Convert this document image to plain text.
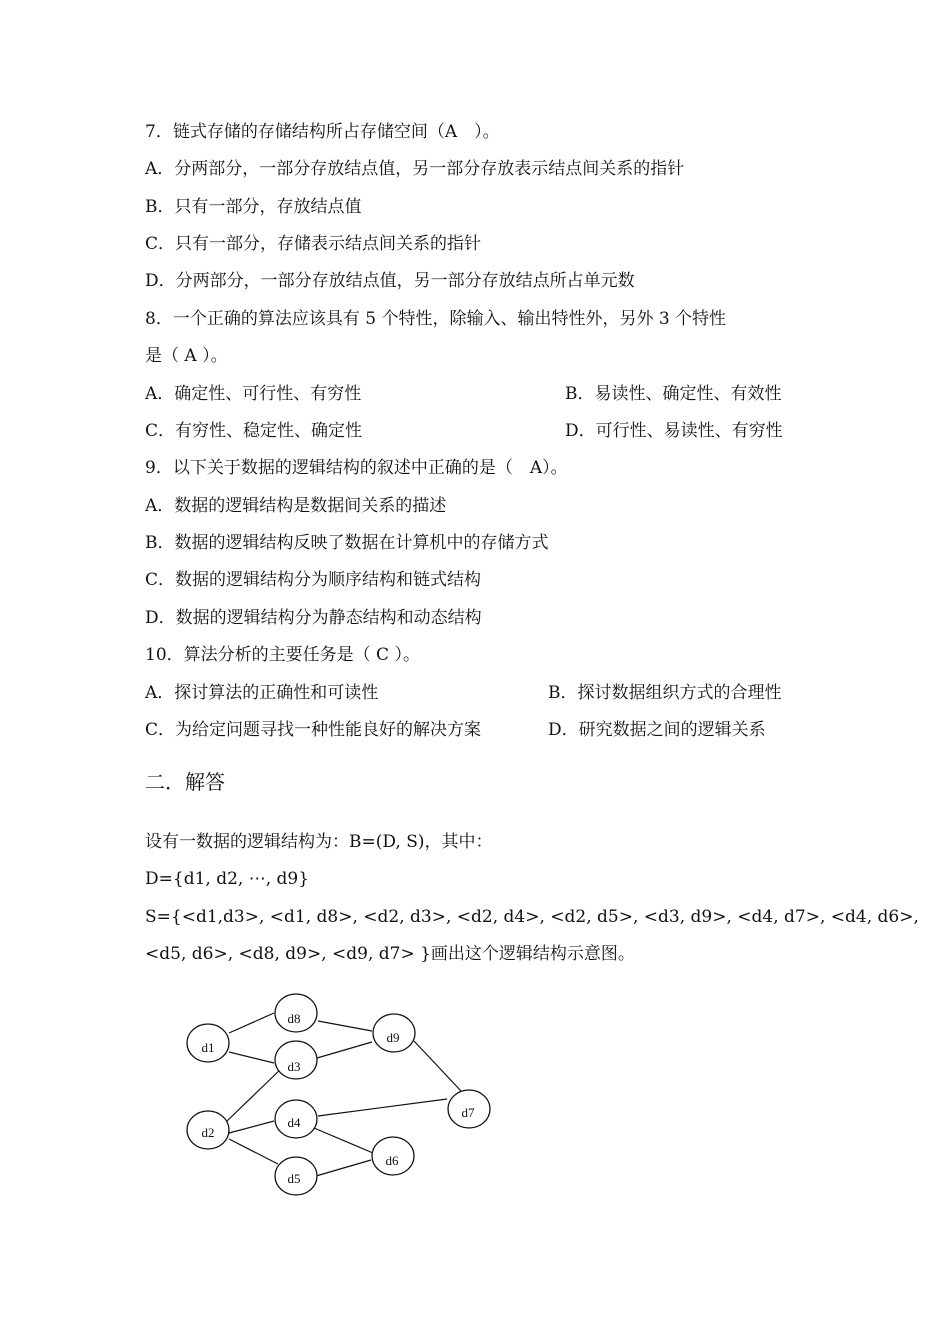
7．链式存储的存储结构所占存储空间（A　）。
A．分两部分，一部分存放结点值，另一部分存放表示结点间关系的指针
B．只有一部分，存放结点值
C．只有一部分，存储表示结点间关系的指针
D．分两部分，一部分存放结点值，另一部分存放结点所占单元数
8．一个正确的算法应该具有 5 个特性，除输入、输出特性外，另外 3 个特性
是（ A ）。
A．确定性、可行性、有穷性	B．易读性、确定性、有效性
C．有穷性、稳定性、确定性	D．可行性、易读性、有穷性
9．以下关于数据的逻辑结构的叙述中正确的是（　A）。
A．数据的逻辑结构是数据间关系的描述
B．数据的逻辑结构反映了数据在计算机中的存储方式
C．数据的逻辑结构分为顺序结构和链式结构
D．数据的逻辑结构分为静态结构和动态结构
10．算法分析的主要任务是（ C ）。
A．探讨算法的正确性和可读性	B．探讨数据组织方式的合理性
C．为给定问题寻找一种性能良好的解决方案	D．研究数据之间的逻辑关系
二．解答
设有一数据的逻辑结构为：B=(D, S)，其中：
D={d1, d2, ⋯, d9}
S={<d1,d3>, <d1, d8>, <d2, d3>, <d2, d4>, <d2, d5>, <d3, d9>, <d4, d7>, <d4, d6>,
<d5, d6>, <d8, d9>, <d9, d7> }画出这个逻辑结构示意图。
d1
d2
d3
d4
d5
d6
d7
d8
d9
